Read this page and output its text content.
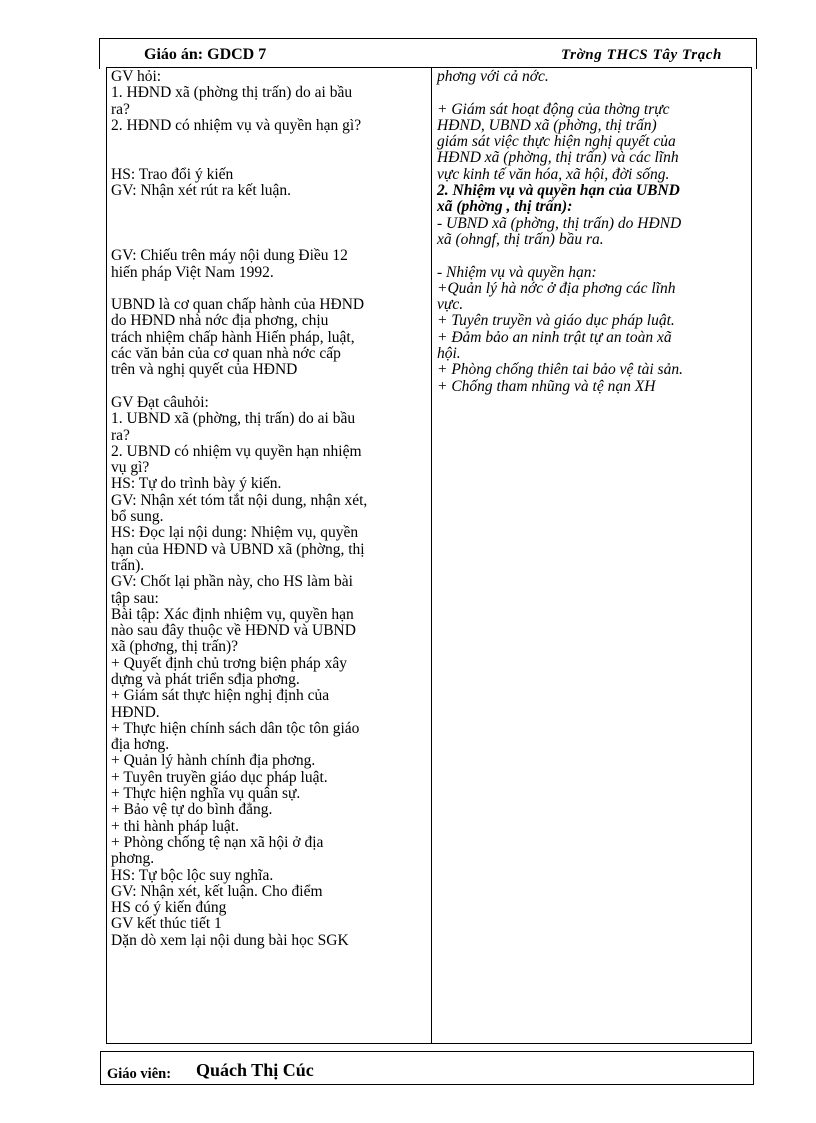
Giáo án: GDCD 7	Trờng THCS Tây Trạch
GV hỏi:
1. HĐND xã (phờng thị trấn) do ai bầu
ra?
2. HĐND có nhiệm vụ và quyền hạn gì?
HS: Trao đổi ý kiến
GV: Nhận xét rút ra kết luận.
GV: Chiếu trên máy nội dung Điều 12
hiến pháp Việt Nam 1992.
UBND là cơ quan chấp hành của HĐND
do HĐND nhà nớc địa phơng, chịu
trách nhiệm chấp hành Hiến pháp, luật,
các văn bản của cơ quan nhà nớc cấp
trên và nghị quyết của HĐND
GV Đạt câuhỏi:
1. UBND xã (phờng, thị trấn) do ai bầu
ra?
2. UBND có nhiệm vụ quyền hạn nhiệm
vụ gì?
HS: Tự do trình bày ý kiến.
GV: Nhận xét tóm tắt nội dung, nhận xét,
bổ sung.
HS: Đọc lại nội dung: Nhiệm vụ, quyền
hạn của HĐND và UBND xã (phờng, thị
trấn).
GV: Chốt lại phần này, cho HS làm bài
tập sau:
Bài tập: Xác định nhiệm vụ, quyền hạn
nào sau đây thuộc về HĐND và UBND
xã (phơng, thị trấn)?
+ Quyết định chủ trơng biện pháp xây
dựng và phát triển sđịa phơng.
+ Giám sát thực hiện nghị định của
HĐND.
+ Thực hiện chính sách dân tộc tôn giáo
địa hơng.
+ Quản lý hành chính địa phơng.
+ Tuyên truyền giáo dục pháp luật.
+ Thực hiện nghĩa vụ quân sự.
+ Bảo vệ tự do bình đẳng.
+ thi hành pháp luật.
+ Phòng chống tệ nạn xã hội ở địa
phơng.
HS: Tự bộc lộc suy nghĩa.
GV: Nhận xét, kết luận. Cho điểm
HS có ý kiến đúng
GV kết thúc tiết 1
Dặn dò xem lại nội dung bài học SGK
phơng với cả nớc.
+ Giám sát hoạt động của thờng trực
HĐND, UBND xã (phờng, thị trấn)
giám sát việc thực hiện nghị quyết của
HĐND xã (phờng, thị trấn) và các lĩnh
vực kinh tế văn hóa, xã hội, đời sống.
2. Nhiệm vụ và quyền hạn của UBND
xã (phờng , thị trấn):
- UBND xã (phờng, thị trấn) do HĐND
xã (ohngf, thị trấn) bầu ra.
- Nhiệm vụ và quyền hạn:
+Quản lý hà nớc ở địa phơng các lĩnh
vực.
+ Tuyên truyền và giáo dục pháp luật.
+ Đảm bảo an ninh trật tự an toàn xã
hội.
+ Phòng chống thiên tai bảo vệ tài sản.
+ Chống tham nhũng và tệ nạn XH
Giáo viên: Quách Thị Cúc
